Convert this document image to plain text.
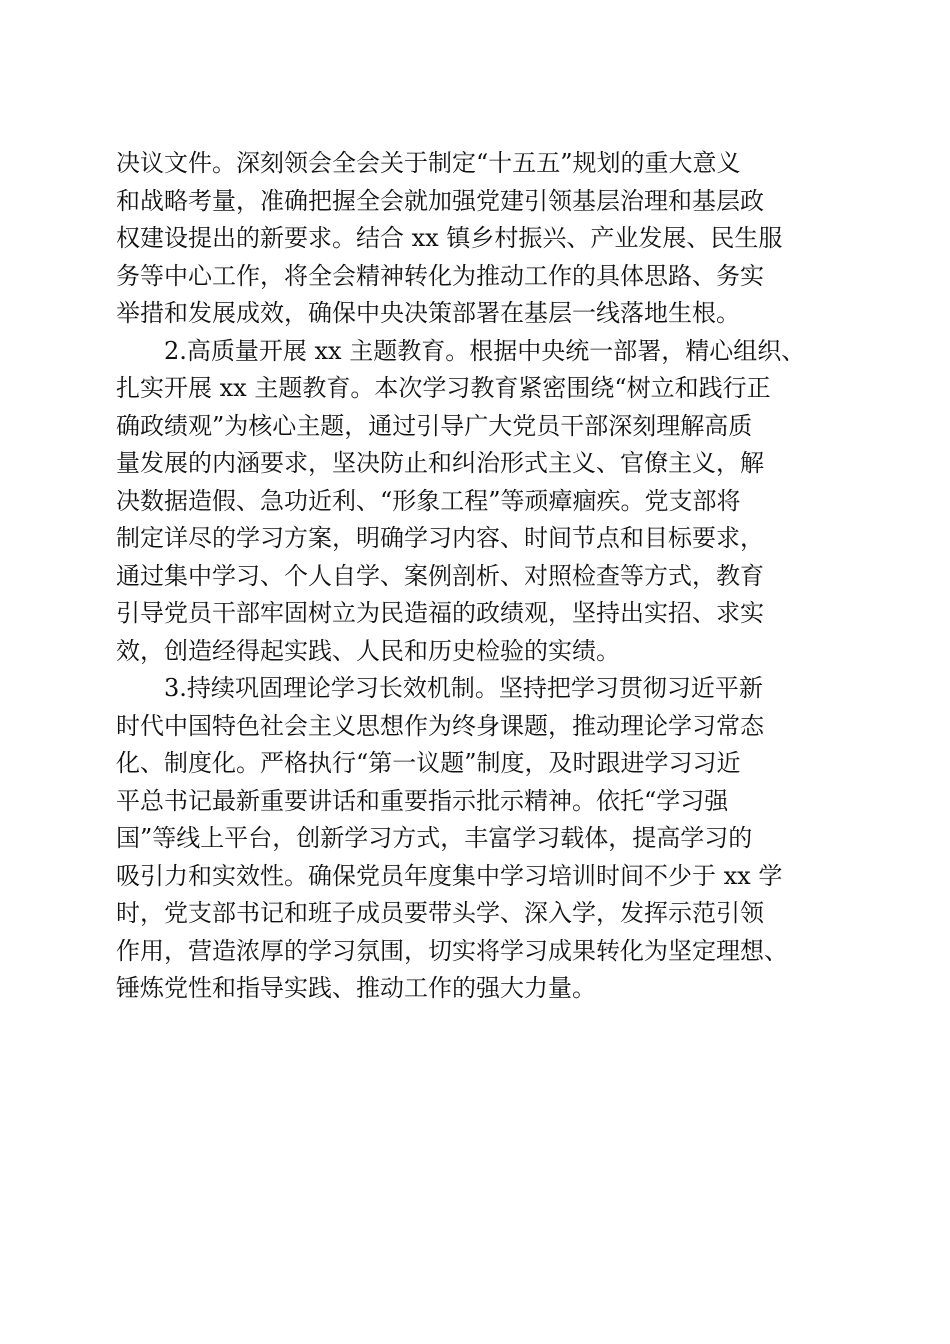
决议文件。深刻领会全会关于制定“十五五”规划的重大意义
和战略考量，准确把握全会就加强党建引领基层治理和基层政
权建设提出的新要求。结合 xx 镇乡村振兴、产业发展、民生服
务等中心工作，将全会精神转化为推动工作的具体思路、务实
举措和发展成效，确保中央决策部署在基层一线落地生根。
2.高质量开展 xx 主题教育。根据中央统一部署，精心组织、
扎实开展 xx 主题教育。本次学习教育紧密围绕“树立和践行正
确政绩观”为核心主题，通过引导广大党员干部深刻理解高质
量发展的内涵要求，坚决防止和纠治形式主义、官僚主义，解
决数据造假、急功近利、“形象工程”等顽瘴痼疾。党支部将
制定详尽的学习方案，明确学习内容、时间节点和目标要求，
通过集中学习、个人自学、案例剖析、对照检查等方式，教育
引导党员干部牢固树立为民造福的政绩观，坚持出实招、求实
效，创造经得起实践、人民和历史检验的实绩。
3.持续巩固理论学习长效机制。坚持把学习贯彻习近平新
时代中国特色社会主义思想作为终身课题，推动理论学习常态
化、制度化。严格执行“第一议题”制度，及时跟进学习习近
平总书记最新重要讲话和重要指示批示精神。依托“学习强
国”等线上平台，创新学习方式，丰富学习载体，提高学习的
吸引力和实效性。确保党员年度集中学习培训时间不少于 xx 学
时，党支部书记和班子成员要带头学、深入学，发挥示范引领
作用，营造浓厚的学习氛围，切实将学习成果转化为坚定理想、
锤炼党性和指导实践、推动工作的强大力量。
